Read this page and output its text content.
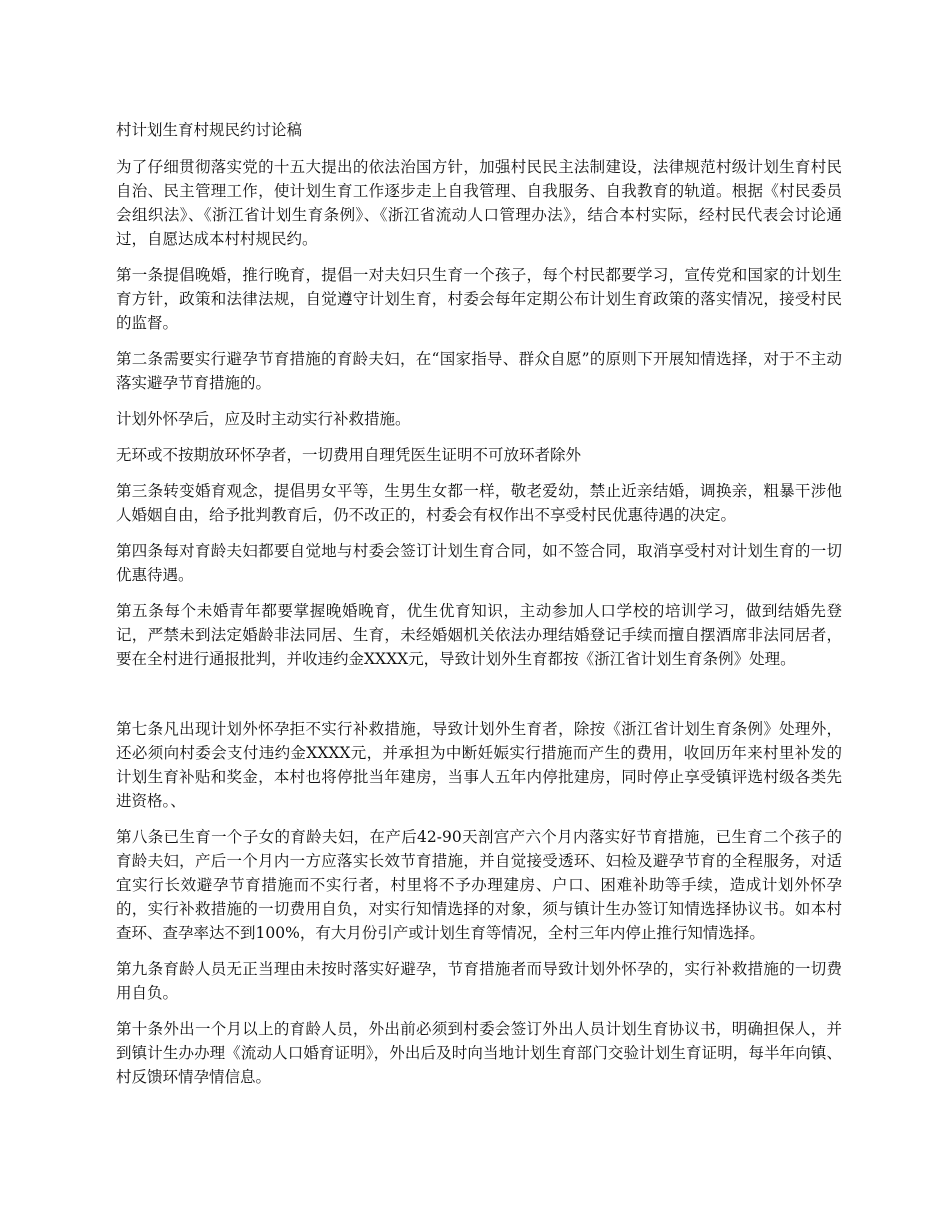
村计划生育村规民约讨论稿

为了仔细贯彻落实党的十五大提出的依法治国方针，加强村民民主法制建设，法律规范村级计划生育村民自治、民主管理工作，使计划生育工作逐步走上自我管理、自我服务、自我教育的轨道。根据《村民委员会组织法》、《浙江省计划生育条例》、《浙江省流动人口管理办法》，结合本村实际，经村民代表会讨论通过，自愿达成本村村规民约。

第一条提倡晚婚，推行晚育，提倡一对夫妇只生育一个孩子，每个村民都要学习，宣传党和国家的计划生育方针，政策和法律法规，自觉遵守计划生育，村委会每年定期公布计划生育政策的落实情况，接受村民的监督。

第二条需要实行避孕节育措施的育龄夫妇，在“国家指导、群众自愿”的原则下开展知情选择，对于不主动落实避孕节育措施的。

计划外怀孕后，应及时主动实行补救措施。

无环或不按期放环怀孕者，一切费用自理凭医生证明不可放环者除外

第三条转变婚育观念，提倡男女平等，生男生女都一样，敬老爱幼，禁止近亲结婚，调换亲，粗暴干涉他人婚姻自由，给予批判教育后，仍不改正的，村委会有权作出不享受村民优惠待遇的决定。

第四条每对育龄夫妇都要自觉地与村委会签订计划生育合同，如不签合同，取消享受村对计划生育的一切优惠待遇。

第五条每个未婚青年都要掌握晚婚晚育，优生优育知识，主动参加人口学校的培训学习，做到结婚先登记，严禁未到法定婚龄非法同居、生育，未经婚姻机关依法办理结婚登记手续而擅自摆酒席非法同居者，要在全村进行通报批判，并收违约金XXXX元，导致计划外生育都按《浙江省计划生育条例》处理。

第七条凡出现计划外怀孕拒不实行补救措施，导致计划外生育者，除按《浙江省计划生育条例》处理外，还必须向村委会支付违约金XXXX元，并承担为中断妊娠实行措施而产生的费用，收回历年来村里补发的计划生育补贴和奖金，本村也将停批当年建房，当事人五年内停批建房，同时停止享受镇评选村级各类先进资格。、

第八条已生育一个子女的育龄夫妇，在产后42-90天剖宫产六个月内落实好节育措施，已生育二个孩子的育龄夫妇，产后一个月内一方应落实长效节育措施，并自觉接受透环、妇检及避孕节育的全程服务，对适宜实行长效避孕节育措施而不实行者，村里将不予办理建房、户口、困难补助等手续，造成计划外怀孕的，实行补救措施的一切费用自负，对实行知情选择的对象，须与镇计生办签订知情选择协议书。如本村查环、查孕率达不到100%，有大月份引产或计划生育等情况，全村三年内停止推行知情选择。

第九条育龄人员无正当理由未按时落实好避孕，节育措施者而导致计划外怀孕的，实行补救措施的一切费用自负。

第十条外出一个月以上的育龄人员，外出前必须到村委会签订外出人员计划生育协议书，明确担保人，并到镇计生办办理《流动人口婚育证明》，外出后及时向当地计划生育部门交验计划生育证明，每半年向镇、村反馈环情孕情信息。
